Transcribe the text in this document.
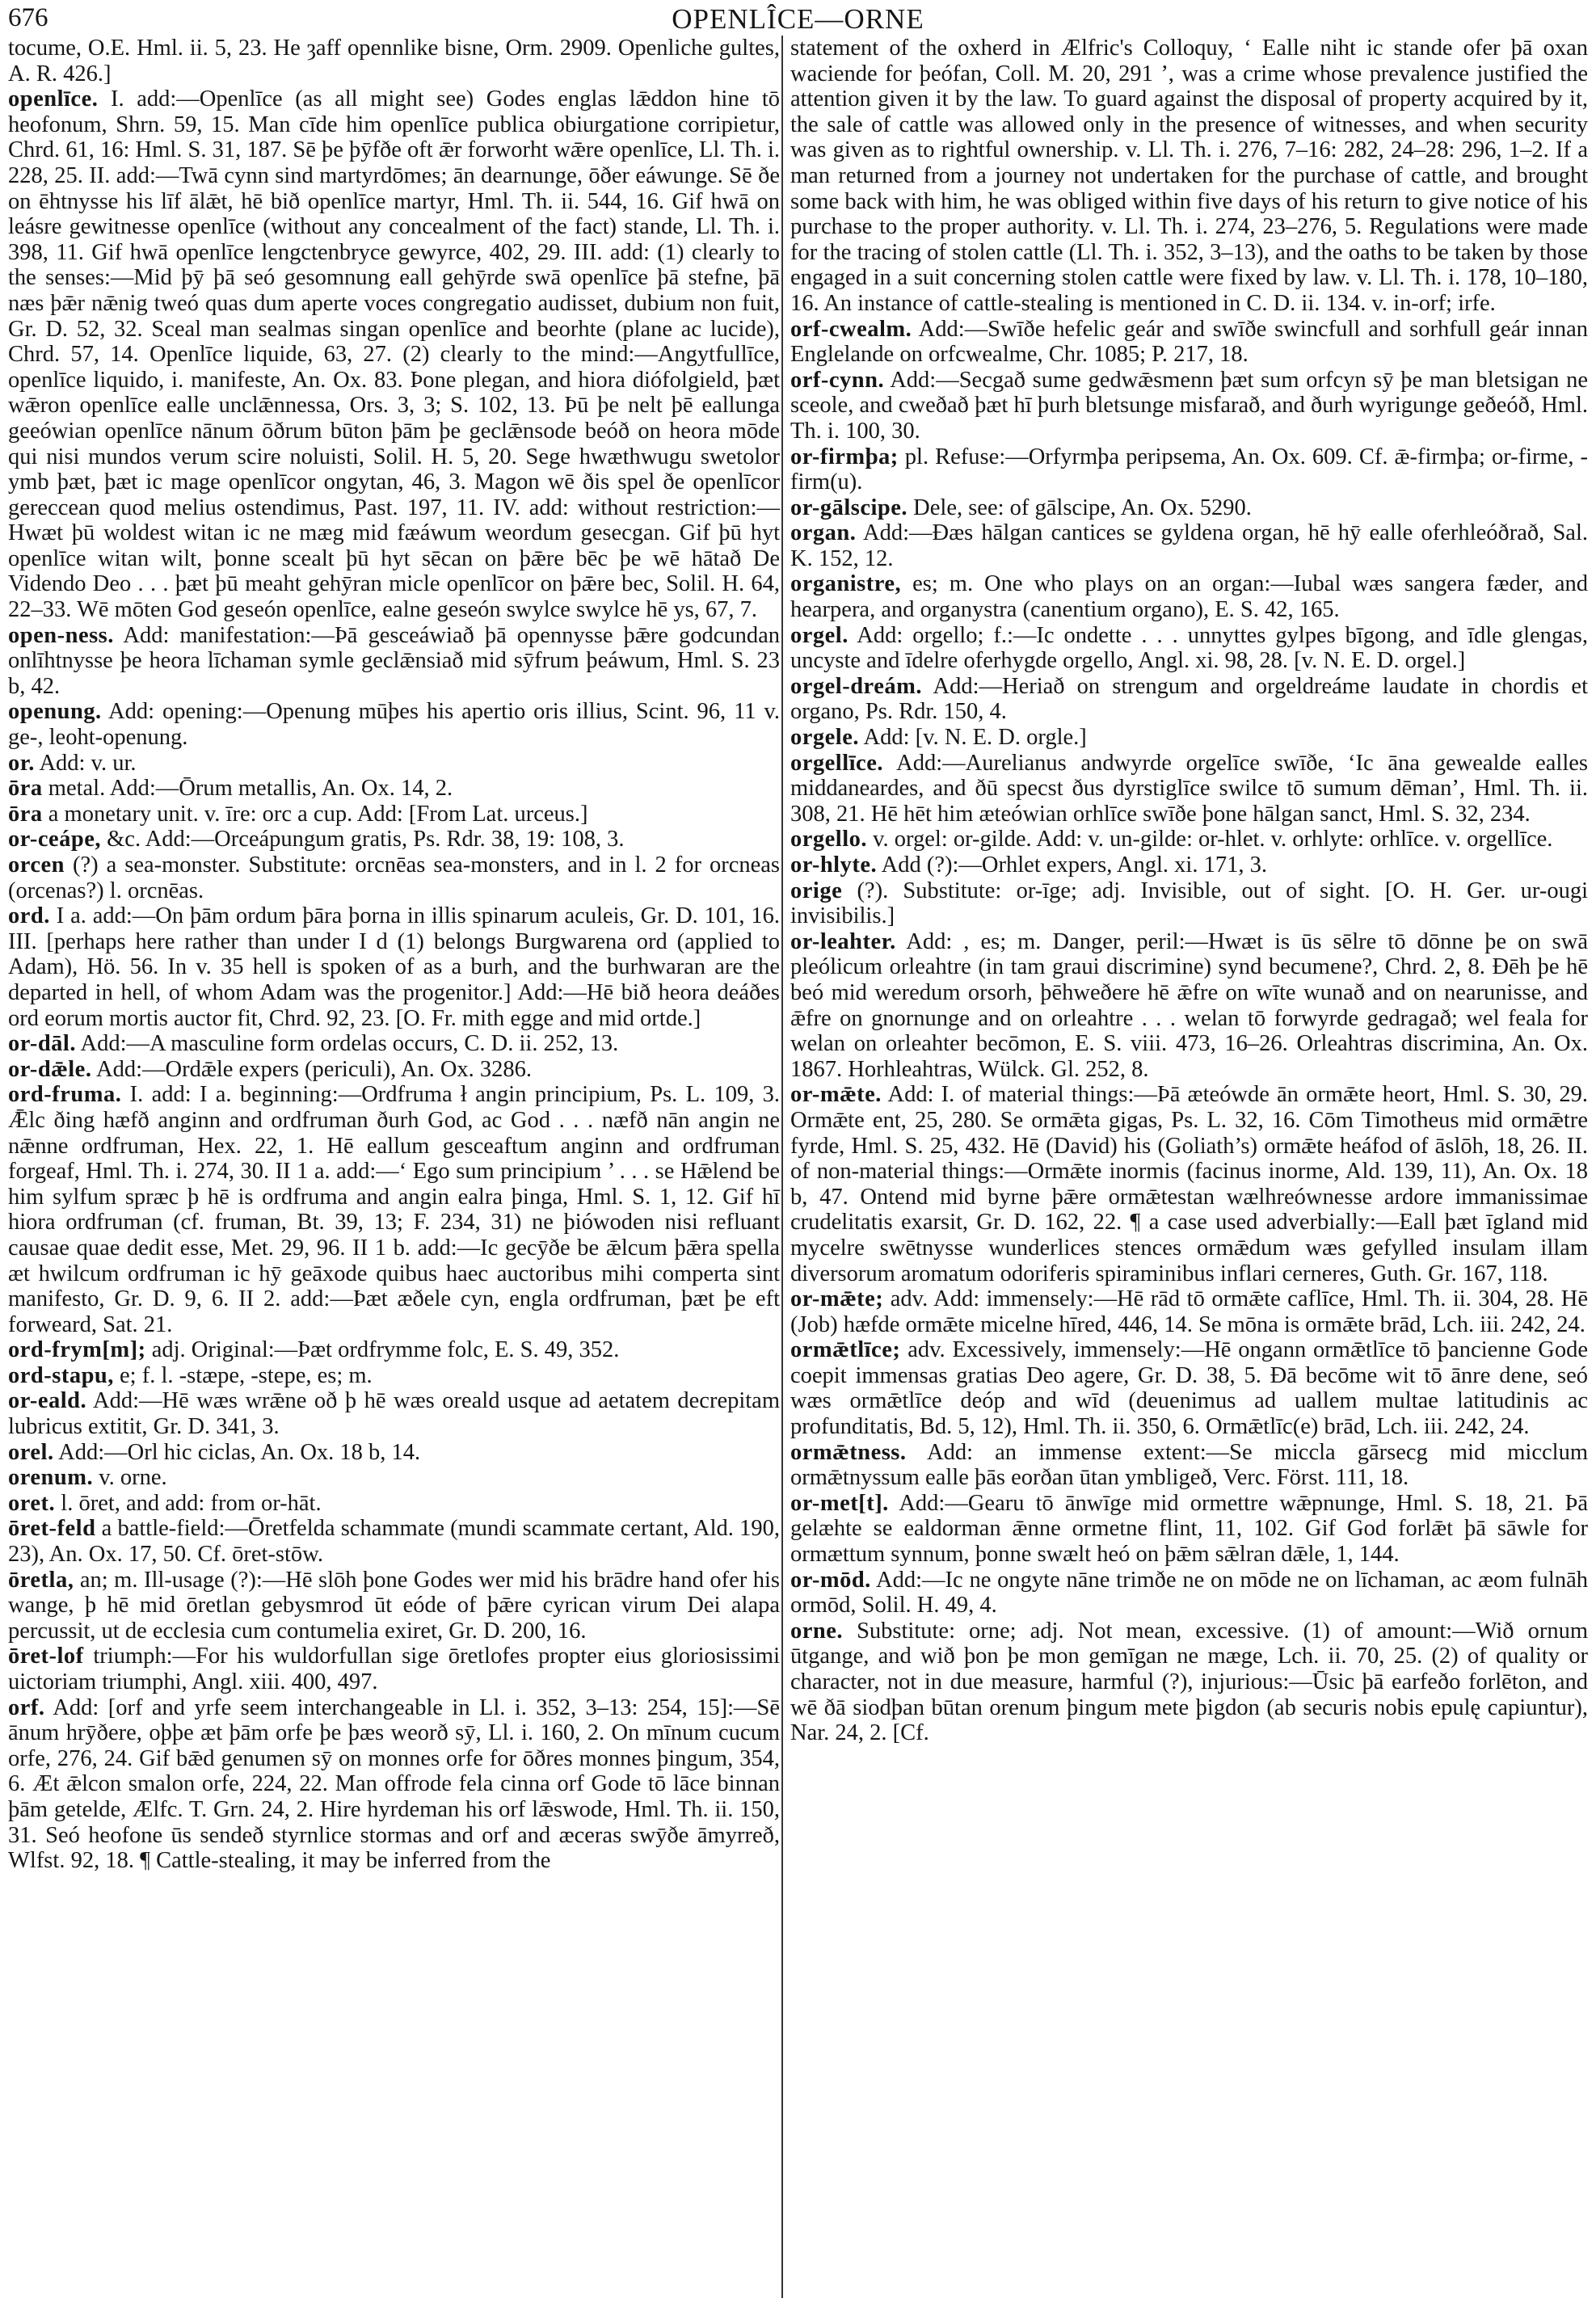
676	OPENLÎCE—ORNE

tocume, O.E. Hml. ii. 5, 23. He ȝaff opennlike bisne, Orm. 2909. Openliche gultes, A. R. 426.]

openlīce. I. add:—Openlīce (as all might see) Godes englas lǣddon hine tō heofonum, Shrn. 59, 15. Man cīde him openlīce publica obiurgatione corripietur, Chrd. 61, 16: Hml. S. 31, 187. Sē þe þȳfðe oft ǣr forworht wǣre openlīce, Ll. Th. i. 228, 25. II. add:—Twā cynn sind martyrdōmes; ān dearnunge, ōðer eáwunge. Sē ðe on ēhtnysse his līf ālǣt, hē bið openlīce martyr, Hml. Th. ii. 544, 16. Gif hwā on leásre gewitnesse openlīce (without any concealment of the fact) stande, Ll. Th. i. 398, 11. Gif hwā openlīce lengctenbryce gewyrce, 402, 29. III. add: (1) clearly to the senses:—Mid þȳ þā seó gesomnung eall gehȳrde swā openlīce þā stefne, þā næs þǣr nǣnig tweó quas dum aperte voces congregatio audisset, dubium non fuit, Gr. D. 52, 32. Sceal man sealmas singan openlīce and beorhte (plane ac lucide), Chrd. 57, 14. Openlīce liquide, 63, 27. (2) clearly to the mind:—Angytfullīce, openlīce liquido, i. manifeste, An. Ox. 83. Þone plegan, and hiora diófolgield, þæt wǣron openlīce ealle unclǣnnessa, Ors. 3, 3; S. 102, 13. Þū þe nelt þē eallunga geeówian openlīce nānum ōðrum būton þām þe geclǣnsode beóð on heora mōde qui nisi mundos verum scire noluisti, Solil. H. 5, 20. Sege hwæthwugu swetolor ymb þæt, þæt ic mage openlīcor ongytan, 46, 3. Magon wē ðis spel ðe openlīcor gereccean quod melius ostendimus, Past. 197, 11. IV. add: without restriction:—Hwæt þū woldest witan ic ne mæg mid fæáwum weordum gesecgan. Gif þū hyt openlīce witan wilt, þonne scealt þū hyt sēcan on þǣre bēc þe wē hātað De Videndo Deo . . . þæt þū meaht gehȳran micle openlīcor on þǣre bec, Solil. H. 64, 22–33. Wē mōten God geseón openlīce, ealne geseón swylce swylce hē ys, 67, 7.

open-ness. Add: manifestation:—Þā gesceáwiað þā opennysse þǣre godcundan onlīhtnysse þe heora līchaman symle geclǣnsiað mid sȳfrum þeáwum, Hml. S. 23 b, 42.

openung. Add: opening:—Openung mūþes his apertio oris illius, Scint. 96, 11 v. ge-, leoht-openung.

or. Add: v. ur.

ōra metal. Add:—Ōrum metallis, An. Ox. 14, 2.

ōra a monetary unit. v. īre: orc a cup. Add: [From Lat. urceus.]

or-ceápe, &c. Add:—Orceápungum gratis, Ps. Rdr. 38, 19: 108, 3.

orcen (?) a sea-monster. Substitute: orcnēas sea-monsters, and in l. 2 for orcneas (orcenas?) l. orcnēas.

ord. I a. add:—On þām ordum þāra þorna in illis spinarum aculeis, Gr. D. 101, 16. III. [perhaps here rather than under I d (1) belongs Burgwarena ord (applied to Adam), Hö. 56. In v. 35 hell is spoken of as a burh, and the burhwaran are the departed in hell, of whom Adam was the progenitor.] Add:—Hē bið heora deáðes ord eorum mortis auctor fit, Chrd. 92, 23. [O. Fr. mith egge and mid ortde.]

or-dāl. Add:—A masculine form ordelas occurs, C. D. ii. 252, 13.

or-dǣle. Add:—Ordǣle expers (periculi), An. Ox. 3286.

ord-fruma. I. add: I a. beginning:—Ordfruma ł angin principium, Ps. L. 109, 3. Ǣlc ðing hæfð anginn and ordfruman ðurh God, ac God . . . næfð nān angin ne nǣnne ordfruman, Hex. 22, 1. Hē eallum gesceaftum anginn and ordfruman forgeaf, Hml. Th. i. 274, 30. II 1 a. add:—‘ Ego sum principium ’ . . . se Hǣlend be him sylfum spræc þ hē is ordfruma and angin ealra þinga, Hml. S. 1, 12. Gif hī hiora ordfruman (cf. fruman, Bt. 39, 13; F. 234, 31) ne þiówoden nisi refluant causae quae dedit esse, Met. 29, 96. II 1 b. add:—Ic gecȳðe be ǣlcum þǣra spella æt hwilcum ordfruman ic hȳ geāxode quibus haec auctoribus mihi comperta sint manifesto, Gr. D. 9, 6. II 2. add:—Þæt æðele cyn, engla ordfruman, þæt þe eft forweard, Sat. 21.

ord-frym[m]; adj. Original:—Þæt ordfrymme folc, E. S. 49, 352.

ord-stapu, e; f. l. -stæpe, -stepe, es; m.

or-eald. Add:—Hē wæs wrǣne oð þ hē wæs oreald usque ad aetatem decrepitam lubricus extitit, Gr. D. 341, 3.

orel. Add:—Orl hic ciclas, An. Ox. 18 b, 14.

orenum. v. orne.

oret. l. ōret, and add: from or-hāt.

ōret-feld a battle-field:—Ōretfelda schammate (mundi scammate certant, Ald. 190, 23), An. Ox. 17, 50. Cf. ōret-stōw.

ōretla, an; m. Ill-usage (?):—Hē slōh þone Godes wer mid his brādre hand ofer his wange, þ hē mid ōretlan gebysmrod ūt eóde of þǣre cyrican virum Dei alapa percussit, ut de ecclesia cum contumelia exiret, Gr. D. 200, 16.

ōret-lof triumph:—For his wuldorfullan sige ōretlofes propter eius gloriosissimi uictoriam triumphi, Angl. xiii. 400, 497.

orf. Add: [orf and yrfe seem interchangeable in Ll. i. 352, 3–13: 254, 15]:—Sē ānum hrȳðere, oþþe æt þām orfe þe þæs weorð sȳ, Ll. i. 160, 2. On mīnum cucum orfe, 276, 24. Gif bǣd genumen sȳ on monnes orfe for ōðres monnes þingum, 354, 6. Æt ǣlcon smalon orfe, 224, 22. Man offrode fela cinna orf Gode tō lāce binnan þām getelde, Ælfc. T. Grn. 24, 2. Hire hyrdeman his orf lǣswode, Hml. Th. ii. 150, 31. Seó heofone ūs sendeð styrnlice stormas and orf and æceras swȳðe āmyrreð, Wlfst. 92, 18. ¶ Cattle-stealing, it may be inferred from the

statement of the oxherd in Ælfric's Colloquy, ‘ Ealle niht ic stande ofer þā oxan waciende for þeófan, Coll. M. 20, 291 ’, was a crime whose prevalence justified the attention given it by the law. To guard against the disposal of property acquired by it, the sale of cattle was allowed only in the presence of witnesses, and when security was given as to rightful ownership. v. Ll. Th. i. 276, 7–16: 282, 24–28: 296, 1–2. If a man returned from a journey not undertaken for the purchase of cattle, and brought some back with him, he was obliged within five days of his return to give notice of his purchase to the proper authority. v. Ll. Th. i. 274, 23–276, 5. Regulations were made for the tracing of stolen cattle (Ll. Th. i. 352, 3–13), and the oaths to be taken by those engaged in a suit concerning stolen cattle were fixed by law. v. Ll. Th. i. 178, 10–180, 16. An instance of cattle-stealing is mentioned in C. D. ii. 134. v. in-orf; irfe.

orf-cwealm. Add:—Swīðe hefelic geár and swīðe swincfull and sorhfull geár innan Englelande on orfcwealme, Chr. 1085; P. 217, 18.

orf-cynn. Add:—Secgað sume gedwǣsmenn þæt sum orfcyn sȳ þe man bletsigan ne sceole, and cweðað þæt hī þurh bletsunge misfarað, and ðurh wyrigunge geðeóð, Hml. Th. i. 100, 30.

or-firmþa; pl. Refuse:—Orfyrmþa peripsema, An. Ox. 609. Cf. ǣ-firmþa; or-firme, -firm(u).

or-gālscipe. Dele, see: of gālscipe, An. Ox. 5290.

organ. Add:—Ðæs hālgan cantices se gyldena organ, hē hȳ ealle oferhleóðrað, Sal. K. 152, 12.

organistre, es; m. One who plays on an organ:—Iubal wæs sangera fæder, and hearpera, and organystra (canentium organo), E. S. 42, 165.

orgel. Add: orgello; f.:—Ic ondette . . . unnyttes gylpes bīgong, and īdle glengas, uncyste and īdelre oferhygde orgello, Angl. xi. 98, 28. [v. N. E. D. orgel.]

orgel-dreám. Add:—Heriað on strengum and orgeldreáme laudate in chordis et organo, Ps. Rdr. 150, 4.

orgele. Add: [v. N. E. D. orgle.]

orgellīce. Add:—Aurelianus andwyrde orgelīce swīðe, ‘Ic āna gewealde ealles middaneardes, and ðū specst ðus dyrstiglīce swilce tō sumum dēman’, Hml. Th. ii. 308, 21. Hē hēt him æteówian orhlīce swīðe þone hālgan sanct, Hml. S. 32, 234.

orgello. v. orgel: or-gilde. Add: v. un-gilde: or-hlet. v. orhlyte: orhlīce. v. orgellīce.

or-hlyte. Add (?):—Orhlet expers, Angl. xi. 171, 3.

orige (?). Substitute: or-īge; adj. Invisible, out of sight. [O. H. Ger. ur-ougi invisibilis.]

or-leahter. Add: , es; m. Danger, peril:—Hwæt is ūs sēlre tō dōnne þe on swā pleólicum orleahtre (in tam graui discrimine) synd becumene?, Chrd. 2, 8. Ðēh þe hē beó mid weredum orsorh, þēhweðere hē ǣfre on wīte wunað and on nearunisse, and ǣfre on gnornunge and on orleahtre . . . welan tō forwyrde gedragað; wel feala for welan on orleahter becōmon, E. S. viii. 473, 16–26. Orleahtras discrimina, An. Ox. 1867. Horhleahtras, Wülck. Gl. 252, 8.

or-mǣte. Add: I. of material things:—Þā æteówde ān ormǣte heort, Hml. S. 30, 29. Ormǣte ent, 25, 280. Se ormǣta gigas, Ps. L. 32, 16. Cōm Timotheus mid ormǣtre fyrde, Hml. S. 25, 432. Hē (David) his (Goliath’s) ormǣte heáfod of āslōh, 18, 26. II. of non-material things:—Ormǣte inormis (facinus inorme, Ald. 139, 11), An. Ox. 18 b, 47. Ontend mid byrne þǣre ormǣtestan wælhreównesse ardore immanissimae crudelitatis exarsit, Gr. D. 162, 22. ¶ a case used adverbially:—Eall þæt īgland mid mycelre swētnysse wunderlices stences ormǣdum wæs gefylled insulam illam diversorum aromatum odoriferis spiraminibus inflari cerneres, Guth. Gr. 167, 118.

or-mǣte; adv. Add: immensely:—Hē rād tō ormǣte caflīce, Hml. Th. ii. 304, 28. Hē (Job) hæfde ormǣte micelne hīred, 446, 14. Se mōna is ormǣte brād, Lch. iii. 242, 24.

ormǣtlīce; adv. Excessively, immensely:—Hē ongann ormǣtlīce tō þancienne Gode coepit immensas gratias Deo agere, Gr. D. 38, 5. Ðā becōme wit tō ānre dene, seó wæs ormǣtlīce deóp and wīd (deuenimus ad uallem multae latitudinis ac profunditatis, Bd. 5, 12), Hml. Th. ii. 350, 6. Ormǣtlīc(e) brād, Lch. iii. 242, 24.

ormǣtness. Add: an immense extent:—Se miccla gārsecg mid micclum ormǣtnyssum ealle þās eorðan ūtan ymbligeð, Verc. Först. 111, 18.

or-met[t]. Add:—Gearu tō ānwīge mid ormettre wǣpnunge, Hml. S. 18, 21. Þā gelæhte se ealdorman ǣnne ormetne flint, 11, 102. Gif God forlǣt þā sāwle for ormættum synnum, þonne swælt heó on þǣm sǣlran dǣle, 1, 144.

or-mōd. Add:—Ic ne ongyte nāne trimðe ne on mōde ne on līchaman, ac æom fulnāh ormōd, Solil. H. 49, 4.

orne. Substitute: orne; adj. Not mean, excessive. (1) of amount:—Wið ornum ūtgange, and wið þon þe mon gemīgan ne mæge, Lch. ii. 70, 25. (2) of quality or character, not in due measure, harmful (?), injurious:—Ūsic þā earfeðo forlēton, and wē ðā siodþan būtan orenum þingum mete þigdon (ab securis nobis epulę capiuntur), Nar. 24, 2. [Cf.
